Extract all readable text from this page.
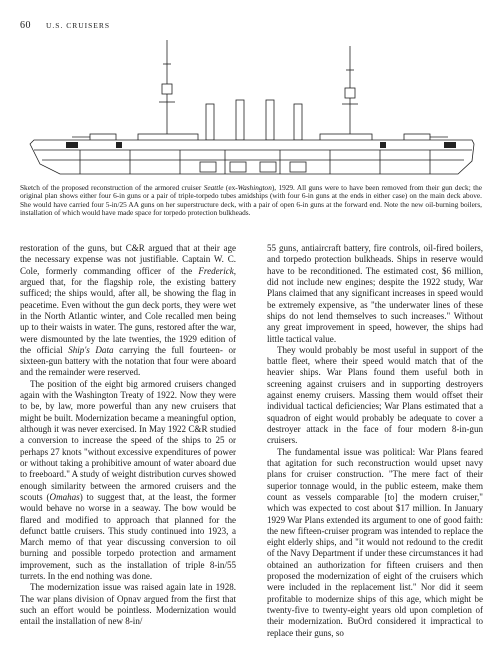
60 U.S. CRUISERS
Sketch of the proposed reconstruction of the armored cruiser Seattle (ex-Washington), 1929. All guns were to have been removed from their gun deck; the original plan shows either four 6-in guns or a pair of triple-torpedo tubes amidships (with four 6-in guns at the ends in either case) on the main deck above. She would have carried four 5-in/25 AA guns on her superstructure deck, with a pair of open 6-in guns at the forward end. Note the new oil-burning boilers, installation of which would have made space for torpedo protection bulkheads.

restoration of the guns, but C&R argued that at their age the necessary expense was not justifiable. Captain W. C. Cole, formerly commanding officer of the Frederick, argued that, for the flagship role, the existing battery sufficed; the ships would, after all, be showing the flag in peacetime. Even without the gun deck ports, they were wet in the North Atlantic winter, and Cole recalled men being up to their waists in water. The guns, restored after the war, were dismounted by the late twenties, the 1929 edition of the official Ship's Data carrying the full fourteen- or sixteen-gun battery with the notation that four were aboard and the remainder were reserved.

The position of the eight big armored cruisers changed again with the Washington Treaty of 1922. Now they were to be, by law, more powerful than any new cruisers that might be built. Modernization became a meaningful option, although it was never exercised. In May 1922 C&R studied a conversion to increase the speed of the ships to 25 or perhaps 27 knots "without excessive expenditures of power or without taking a prohibitive amount of water aboard due to freeboard." A study of weight distribution curves showed enough similarity between the armored cruisers and the scouts (Omahas) to suggest that, at the least, the former would behave no worse in a seaway. The bow would be flared and modified to approach that planned for the defunct battle cruisers. This study continued into 1923, a March memo of that year discussing conversion to oil burning and possible torpedo protection and armament improvement, such as the installation of triple 8-in/55 turrets. In the end nothing was done.

The modernization issue was raised again late in 1928. The war plans division of Opnav argued from the first that such an effort would be pointless. Modernization would entail the installation of new 8-in/

55 guns, antiaircraft battery, fire controls, oil-fired boilers, and torpedo protection bulkheads. Ships in reserve would have to be reconditioned. The estimated cost, $6 million, did not include new engines; despite the 1922 study, War Plans claimed that any significant increases in speed would be extremely expensive, as "the underwater lines of these ships do not lend themselves to such increases." Without any great improvement in speed, however, the ships had little tactical value.

They would probably be most useful in support of the battle fleet, where their speed would match that of the heavier ships. War Plans found them useful both in screening against cruisers and in supporting destroyers against enemy cruisers. Massing them would offset their individual tactical deficiencies; War Plans estimated that a squadron of eight would probably be adequate to cover a destroyer attack in the face of four modern 8-in-gun cruisers.

The fundamental issue was political: War Plans feared that agitation for such reconstruction would upset navy plans for cruiser construction. "The mere fact of their superior tonnage would, in the public esteem, make them count as vessels comparable [to] the modern cruiser," which was expected to cost about $17 million. In January 1929 War Plans extended its argument to one of good faith: the new fifteen-cruiser program was intended to replace the eight elderly ships, and "it would not redound to the credit of the Navy Department if under these circumstances it had obtained an authorization for fifteen cruisers and then proposed the modernization of eight of the cruisers which were included in the replacement list." Nor did it seem profitable to modernize ships of this age, which might be twenty-five to twenty-eight years old upon completion of their modernization. BuOrd considered it impractical to replace their guns, so
